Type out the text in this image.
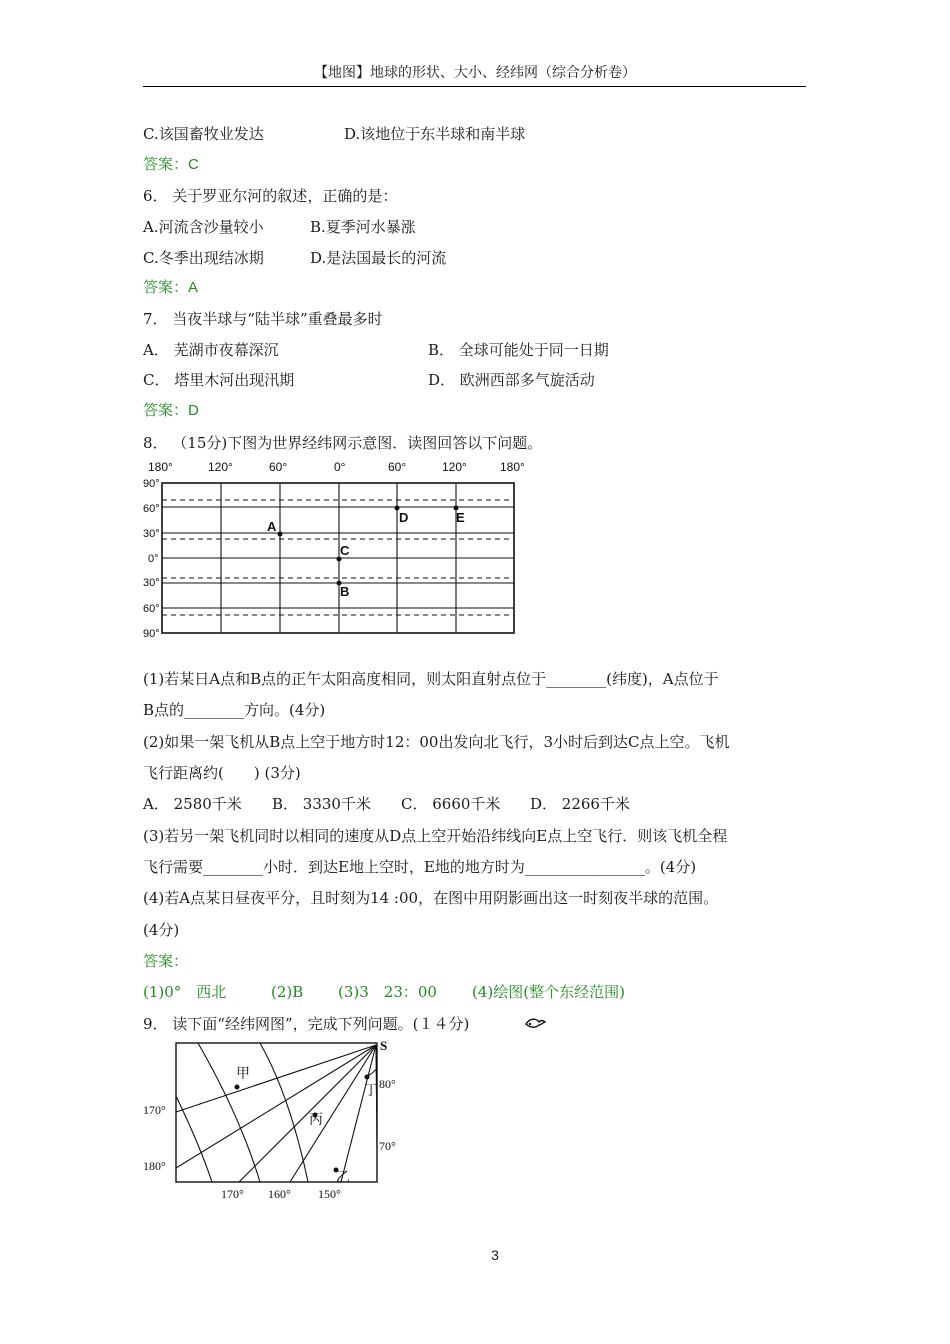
【地图】地球的形状、大小、经纬网（综合分析卷）
C.该国畜牧业发达	D.该地位于东半球和南半球
答案：C
6． 关于罗亚尔河的叙述，正确的是：
A.河流含沙量较小	B.夏季河水暴涨
C.冬季出现结冰期	D.是法国最长的河流
答案：A
7． 当夜半球与“陆半球”重叠最多时
A． 芜湖市夜幕深沉	B． 全球可能处于同一日期
C． 塔里木河出现汛期	D． 欧洲西部多气旋活动
答案：D
8． （15分)下图为世界经纬网示意图．读图回答以下问题。
180°	120°	60°	0°	60°	120°	180°
90°
60°
30°
0°
30°
60°
90°
A
B
C
D	E
(1)若某日A点和B点的正午太阳高度相同，则太阳直射点位于________(纬度)，A点位于
B点的________方向。(4分)
(2)如果一架飞机从B点上空于地方时12：00出发向北飞行，3小时后到达C点上空。飞机
飞行距离约(　　) (3分)
A． 2580千米 B． 3330千米 C． 6660千米 D． 2266千米
(3)若另一架飞机同时以相同的速度从D点上空开始沿纬线向E点上空飞行．则该飞机全程
飞行需要________小时．到达E地上空时，E地的地方时为________________。(4分)
(4)若A点某日昼夜平分，且时刻为14 :00，在图中用阴影画出这一时刻夜半球的范围。
(4分)
答案：
(1)0°　西北	(2)B (3)3　23：00 (4)绘图(整个东经范围)
9． 读下面“经纬网图”，完成下列问题。(１４分)
S
甲
乙
丙
丁
170°
180°
170° 160° 150°
80°
70°
3
